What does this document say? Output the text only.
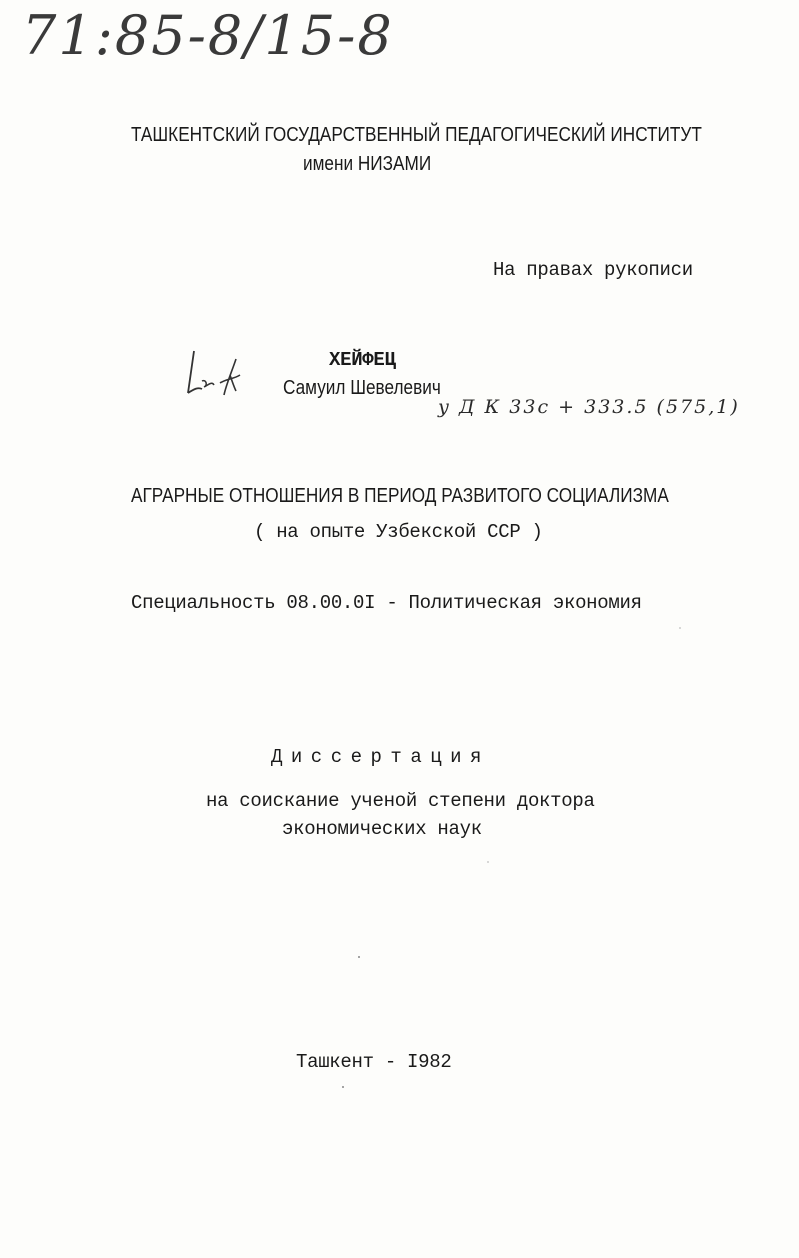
71:85-8/15-8
ТАШКЕНТСКИЙ ГОСУДАРСТВЕННЫЙ ПЕДАГОГИЧЕСКИЙ ИНСТИТУТ
имени НИЗАМИ
На правах рукописи
ХЕЙФЕЦ
Самуил Шевелевич
у Д К 33с + 333.5 (575,1)
АГРАРНЫЕ ОТНОШЕНИЯ В ПЕРИОД РАЗВИТОГО СОЦИАЛИЗМА
( на опыте Узбекской ССР )
Специальность 08.00.0I - Политическая экономия
Диссертация
на соискание ученой степени доктора
экономических наук
Ташкент - I982
